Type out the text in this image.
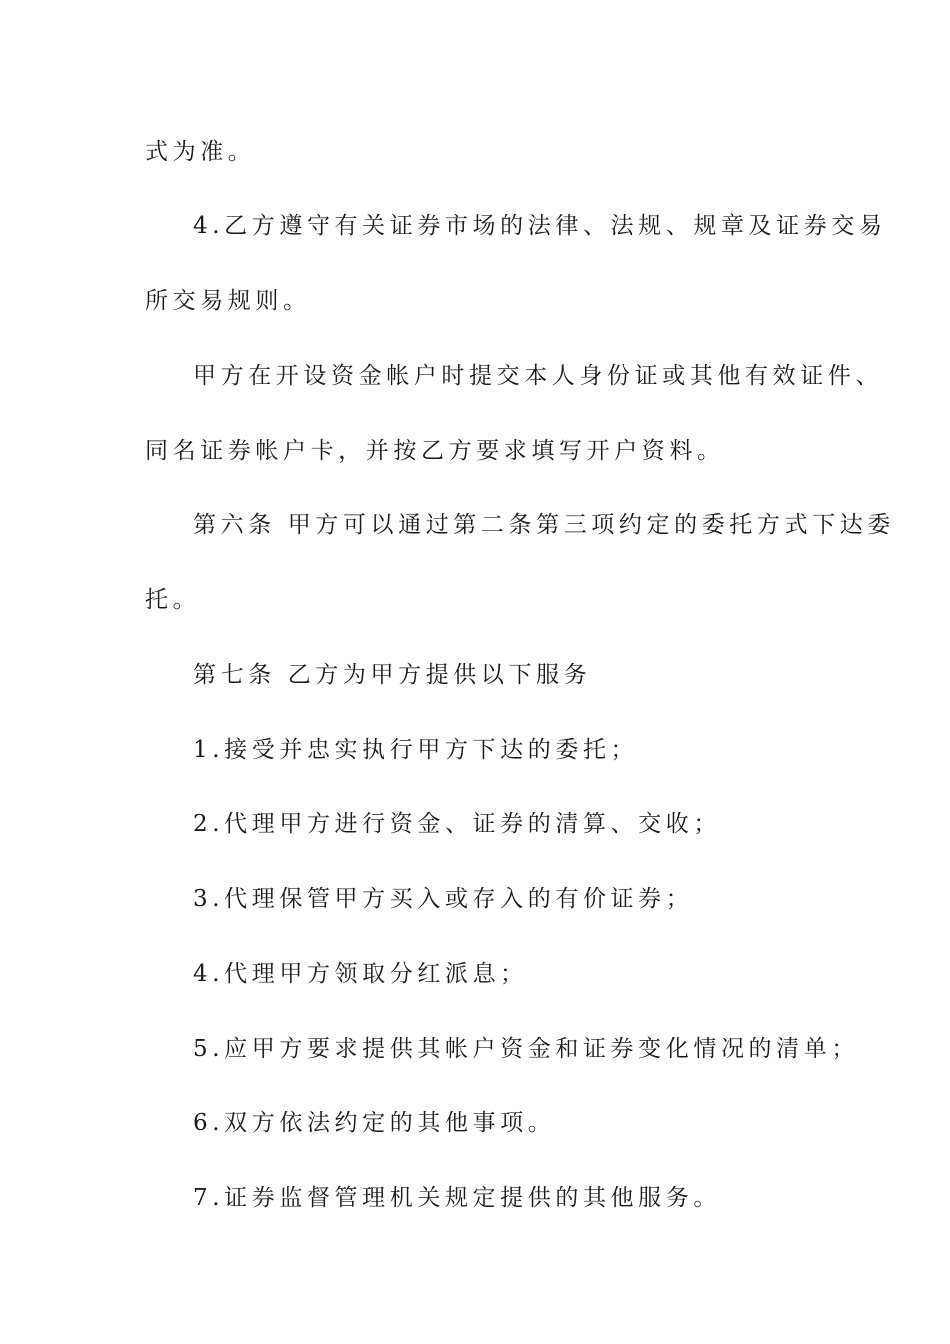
式为准。
4.乙方遵守有关证券市场的法律、法规、规章及证券交易
所交易规则。
甲方在开设资金帐户时提交本人身份证或其他有效证件、
同名证券帐户卡，并按乙方要求填写开户资料。
第六条 甲方可以通过第二条第三项约定的委托方式下达委
托。
第七条 乙方为甲方提供以下服务
1.接受并忠实执行甲方下达的委托；
2.代理甲方进行资金、证券的清算、交收；
3.代理保管甲方买入或存入的有价证券；
4.代理甲方领取分红派息；
5.应甲方要求提供其帐户资金和证券变化情况的清单；
6.双方依法约定的其他事项。
7.证券监督管理机关规定提供的其他服务。
